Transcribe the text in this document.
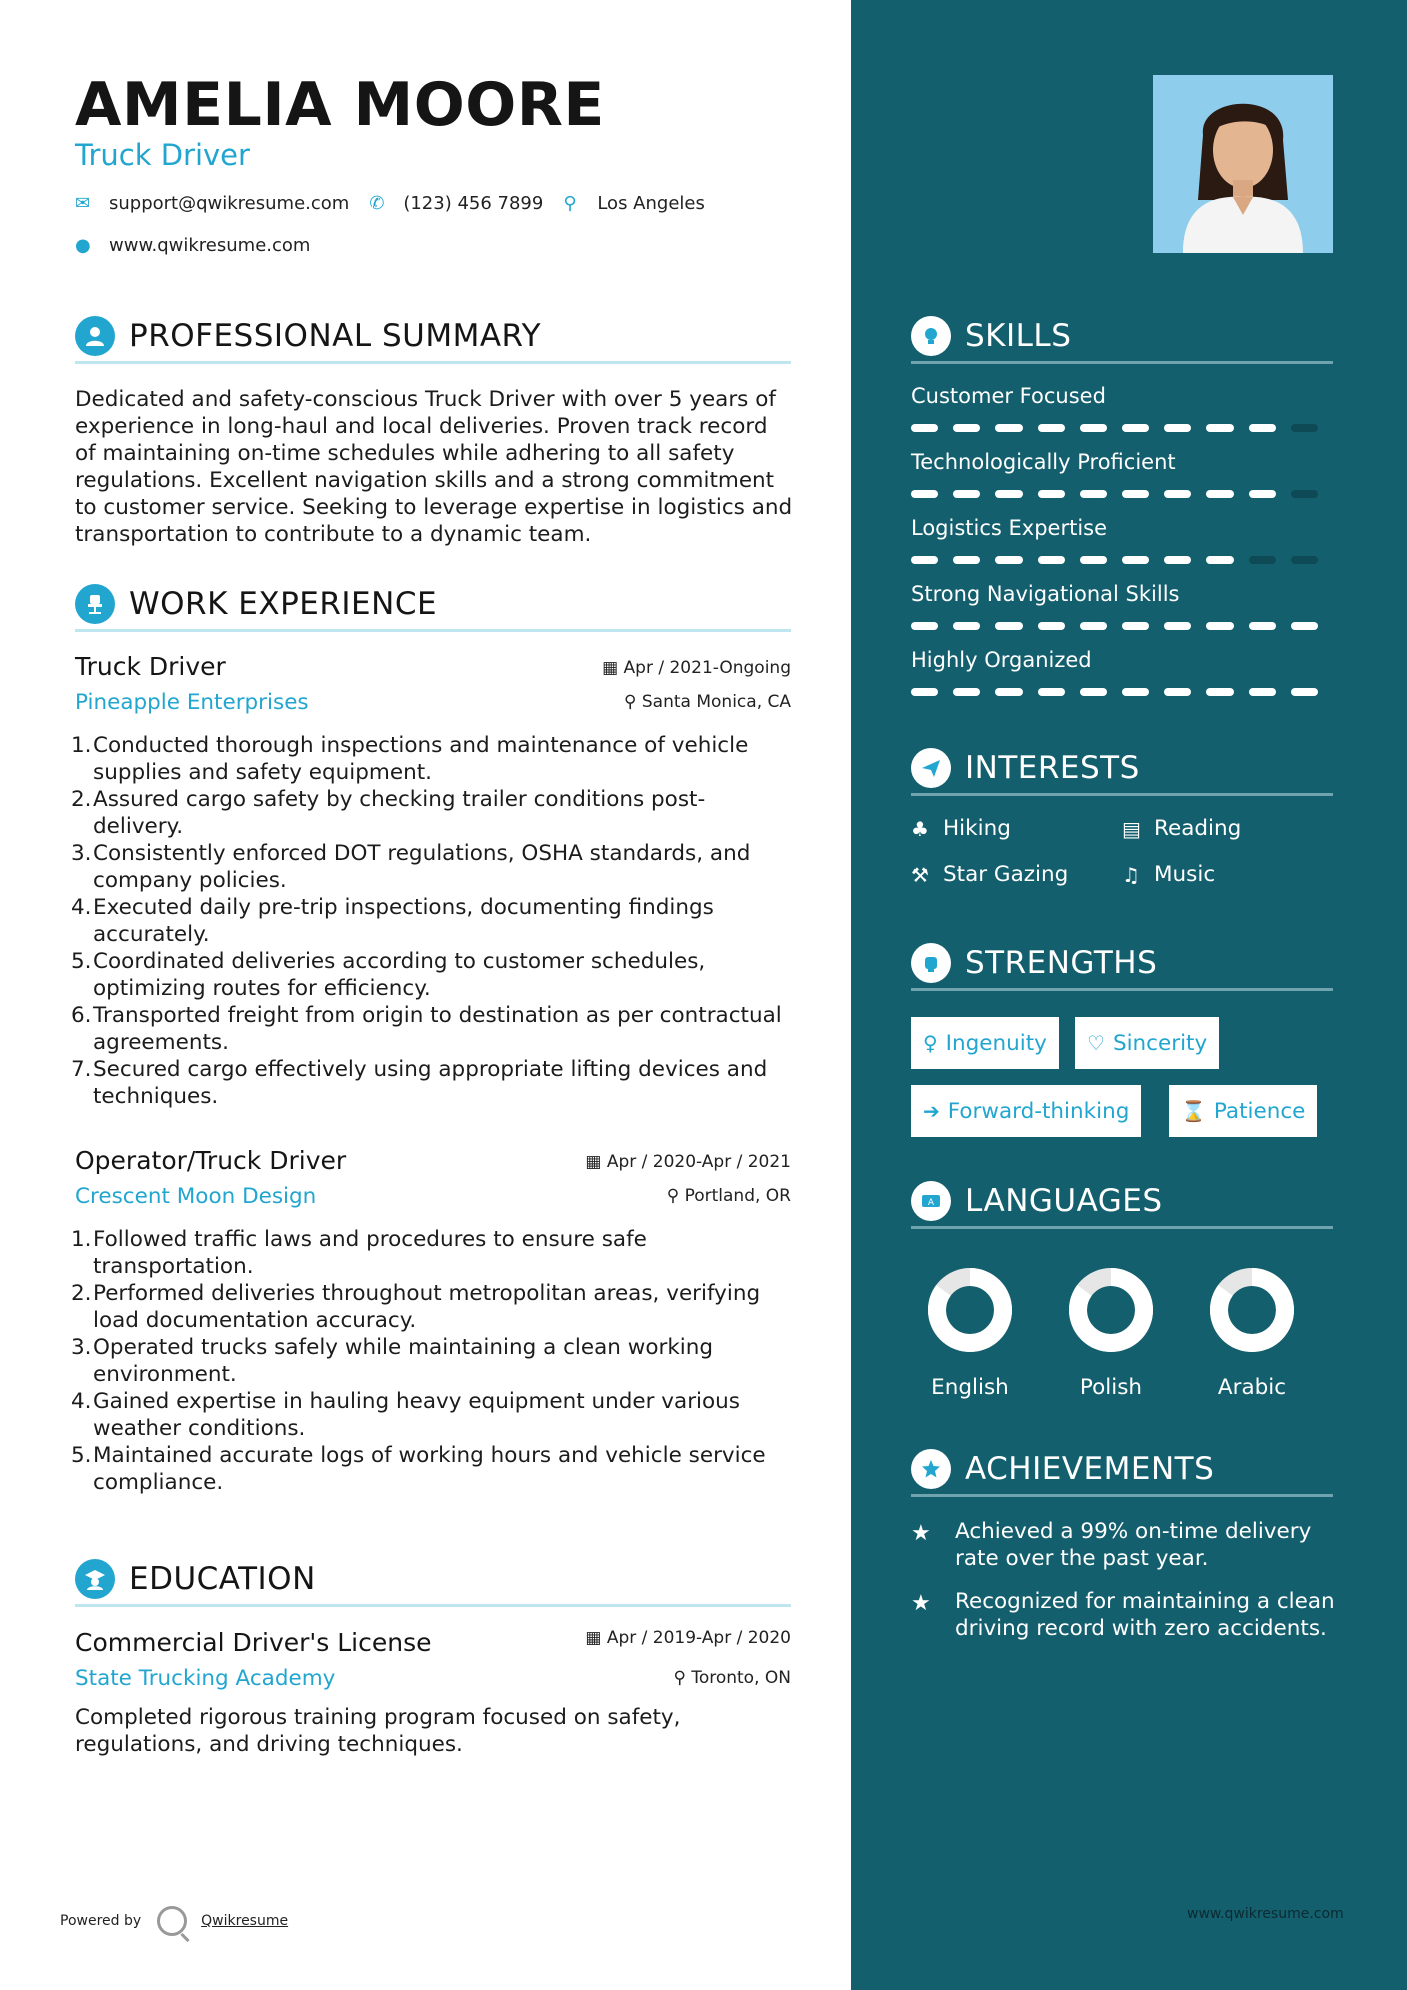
AMELIA MOORE
Truck Driver
✉	support@qwikresume.com ✆	(123) 456 7899 ⚲	Los Angeles
●	www.qwikresume.com
PROFESSIONAL SUMMARY
Dedicated and safety-conscious Truck Driver with over 5 years of experience in long-haul and local deliveries. Proven track record of maintaining on-time schedules while adhering to all safety regulations. Excellent navigation skills and a strong commitment to customer service. Seeking to leverage expertise in logistics and transportation to contribute to a dynamic team.
WORK EXPERIENCE
Truck Driver	▦ Apr / 2021-Ongoing
Pineapple Enterprises	⚲ Santa Monica, CA
1. Conducted thorough inspections and maintenance of vehicle supplies and safety equipment.
2. Assured cargo safety by checking trailer conditions post-delivery.
3. Consistently enforced DOT regulations, OSHA standards, and company policies.
4. Executed daily pre-trip inspections, documenting findings accurately.
5. Coordinated deliveries according to customer schedules, optimizing routes for efficiency.
6. Transported freight from origin to destination as per contractual agreements.
7. Secured cargo effectively using appropriate lifting devices and techniques.
Operator/Truck Driver	▦ Apr / 2020-Apr / 2021
Crescent Moon Design	⚲ Portland, OR
1. Followed traffic laws and procedures to ensure safe transportation.
2. Performed deliveries throughout metropolitan areas, verifying load documentation accuracy.
3. Operated trucks safely while maintaining a clean working environment.
4. Gained expertise in hauling heavy equipment under various weather conditions.
5. Maintained accurate logs of working hours and vehicle service compliance.
EDUCATION
Commercial Driver's License	▦ Apr / 2019-Apr / 2020
State Trucking Academy	⚲ Toronto, ON
Completed rigorous training program focused on safety, regulations, and driving techniques.
Powered by	Qwikresume
SKILLS
Customer Focused
Technologically Proficient
Logistics Expertise
Strong Navigational Skills
Highly Organized
INTERESTS
♣ Hiking	▤ Reading
⚒ Star Gazing	♫ Music
STRENGTHS
♀ Ingenuity ♡ Sincerity
➔ Forward-thinking	⌛ Patience
A LANGUAGES
English	Polish	Arabic
ACHIEVEMENTS
★ Achieved a 99% on-time delivery rate over the past year.
★ Recognized for maintaining a clean driving record with zero accidents.
www.qwikresume.com
